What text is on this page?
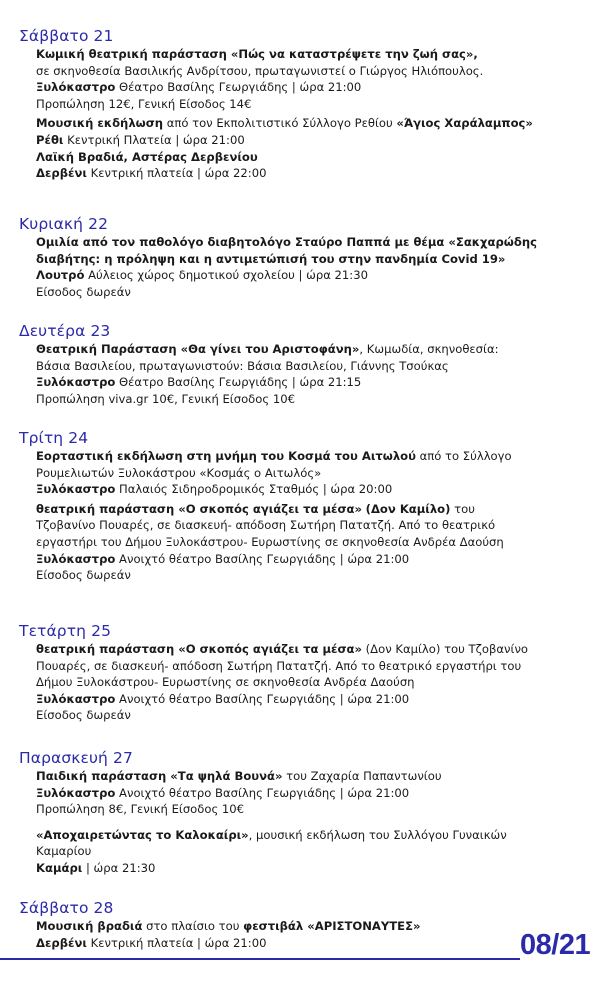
Σάββατο 21

Κωμική θεατρική παράσταση «Πώς να καταστρέψετε την ζωή σας»,

σε σκηνοθεσία Βασιλικής Ανδρίτσου, πρωταγωνιστεί ο Γιώργος Ηλιόπουλος.

Ξυλόκαστρο Θέατρο Βασίλης Γεωργιάδης | ώρα 21:00

Προπώληση 12€, Γενική Είσοδος 14€

Μουσική εκδήλωση από τον Εκπολιτιστικό Σύλλογο Ρεθίου «Άγιος Χαράλαμπος»

Ρέθι Κεντρική Πλατεία | ώρα 21:00

Λαϊκή Βραδιά, Αστέρας Δερβενίου

Δερβένι Κεντρική πλατεία | ώρα 22:00

Κυριακή 22

Ομιλία από τον παθολόγο διαβητολόγο Σταύρο Παππά με θέμα «Σακχαρώδης

διαβήτης: η πρόληψη και η αντιμετώπισή του στην πανδημία Covid 19»

Λουτρό Αύλειος χώρος δημοτικού σχολείου | ώρα 21:30

Είσοδος δωρεάν

Δευτέρα 23

Θεατρική Παράσταση «Θα γίνει του Αριστοφάνη», Κωμωδία, σκηνοθεσία:

Βάσια Βασιλείου, πρωταγωνιστούν: Βάσια Βασιλείου, Γιάννης Τσούκας

Ξυλόκαστρο Θέατρο Βασίλης Γεωργιάδης | ώρα 21:15

Προπώληση viva.gr 10€, Γενική Είσοδος 10€

Τρίτη 24

Εορταστική εκδήλωση στη μνήμη του Κοσμά του Αιτωλού από το Σύλλογο

Ρουμελιωτών Ξυλοκάστρου «Κοσμάς ο Αιτωλός»

Ξυλόκαστρο Παλαιός Σιδηροδρομικός Σταθμός | ώρα 20:00

θεατρική παράσταση «Ο σκοπός αγιάζει τα μέσα» (Δον Καμίλο) του

Τζοβανίνο Πουαρές, σε διασκευή- απόδοση Σωτήρη Πατατζή. Από το θεατρικό

εργαστήρι του Δήμου Ξυλοκάστρου- Ευρωστίνης σε σκηνοθεσία Ανδρέα Δαούση

Ξυλόκαστρο Ανοιχτό θέατρο Βασίλης Γεωργιάδης | ώρα 21:00

Είσοδος δωρεάν

Τετάρτη 25

θεατρική παράσταση «Ο σκοπός αγιάζει τα μέσα» (Δον Καμίλο) του Τζοβανίνο

Πουαρές, σε διασκευή- απόδοση Σωτήρη Πατατζή. Από το θεατρικό εργαστήρι του

Δήμου Ξυλοκάστρου- Ευρωστίνης σε σκηνοθεσία Ανδρέα Δαούση

Ξυλόκαστρο Ανοιχτό θέατρο Βασίλης Γεωργιάδης | ώρα 21:00

Είσοδος δωρεάν

Παρασκευή 27

Παιδική παράσταση «Τα ψηλά Βουνά» του Ζαχαρία Παπαντωνίου

Ξυλόκαστρο Ανοιχτό θέατρο Βασίλης Γεωργιάδης | ώρα 21:00

Προπώληση 8€, Γενική Είσοδος 10€

«Αποχαιρετώντας το Καλοκαίρι», μουσική εκδήλωση του Συλλόγου Γυναικών

Καμαρίου

Καμάρι | ώρα 21:30

Σάββατο 28

Μουσική βραδιά στο πλαίσιο του φεστιβάλ «ΑΡΙΣΤΟΝΑΥΤΕΣ»

Δερβένι Κεντρική πλατεία | ώρα 21:00	08/21
